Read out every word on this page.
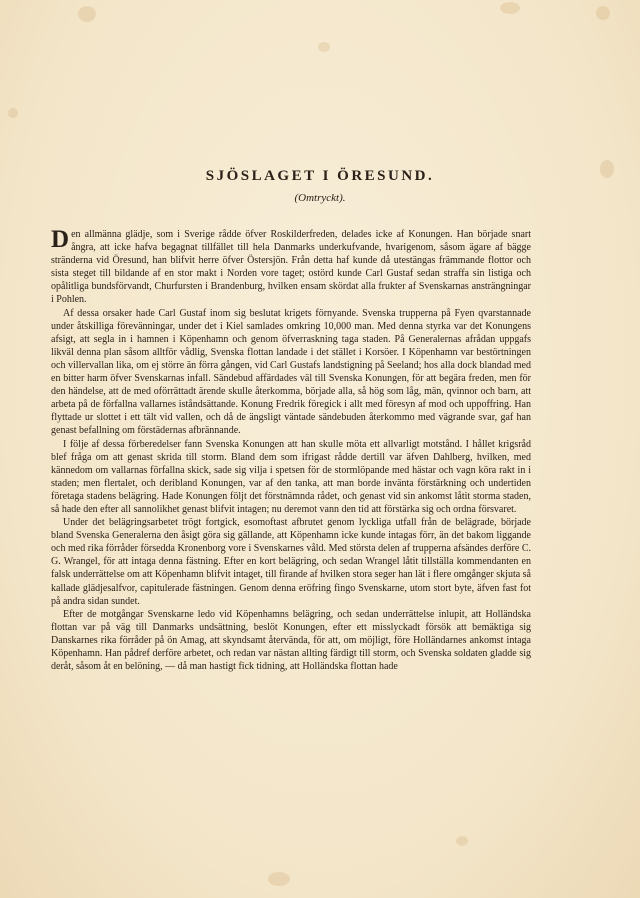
SJÖSLAGET I ÖRESUND.
(Omtryckt).

Den allmänna glädje, som i Sverige rådde öfver Roskilderfreden, delades icke af Konungen. Han började snart ångra, att icke hafva begagnat tillfället till hela Danmarks underkufvande, hvarigenom, såsom ägare af bägge stränderna vid Öresund, han blifvit herre öfver Östersjön. Från detta haf kunde då utestängas främmande flottor och sista steget till bildande af en stor makt i Norden vore taget; ostörd kunde Carl Gustaf sedan straffa sin listiga och opålitliga bundsförvandt, Churfursten i Brandenburg, hvilken ensam skördat alla frukter af Svenskarnas ansträngningar i Pohlen.

Af dessa orsaker hade Carl Gustaf inom sig beslutat krigets förnyande. Svenska trupperna på Fyen qvarstannade under åtskilliga förevänningar, under det i Kiel samlades omkring 10,000 man. Med denna styrka var det Konungens afsigt, att segla in i hamnen i Köpenhamn och genom öfverraskning taga staden. På Generalernas afrådan uppgafs likväl denna plan såsom alltför vådlig, Svenska flottan landade i det stället i Korsöer. I Köpenhamn var bestörtningen och villervallan lika, om ej större än förra gången, vid Carl Gustafs landstigning på Seeland; hos alla dock blandad med en bitter harm öfver Svenskarnas infall. Sändebud affärdades väl till Svenska Konungen, för att begära freden, men för den händelse, att de med oförrättadt ärende skulle återkomma, började alla, så hög som låg, män, qvinnor och barn, att arbeta på de förfallna vallarnes iståndsättande. Konung Fredrik föregick i allt med föresyn af mod och uppoffring. Han flyttade ur slottet i ett tält vid vallen, och då de ängsligt väntade sändebuden återkommo med vägrande svar, gaf han genast befallning om förstädernas afbrännande.

I följe af dessa förberedelser fann Svenska Konungen att han skulle möta ett allvarligt motstånd. I hållet krigsråd blef fråga om att genast skrida till storm. Bland dem som ifrigast rådde dertill var äfven Dahlberg, hvilken, med kännedom om vallarnas förfallna skick, sade sig vilja i spetsen för de stormlöpande med hästar och vagn köra rakt in i staden; men flertalet, och deribland Konungen, var af den tanka, att man borde invänta förstärkning och undertiden företaga stadens belägring. Hade Konungen följt det förstnämnda rådet, och genast vid sin ankomst låtit storma staden, så hade den efter all sannolikhet genast blifvit intagen; nu deremot vann den tid att förstärka sig och ordna försvaret.

Under det belägringsarbetet trögt fortgick, esomoftast afbrutet genom lyckliga utfall från de belägrade, började bland Svenska Generalerna den åsigt göra sig gällande, att Köpenhamn icke kunde intagas förr, än det bakom liggande och med rika förråder försedda Kronenborg vore i Svenskarnes våld. Med största delen af trupperna afsändes derföre C. G. Wrangel, för att intaga denna fästning. Efter en kort belägring, och sedan Wrangel låtit tillställa kommendanten en falsk underrättelse om att Köpenhamn blifvit intaget, till firande af hvilken stora seger han lät i flere omgånger skjuta så kallade glädjesalfvor, capitulerade fästningen. Genom denna eröfring fingo Svenskarne, utom stort byte, äfven fast fot på andra sidan sundet.

Efter de motgångar Svenskarne ledo vid Köpenhamns belägring, och sedan underrättelse inlupit, att Holländska flottan var på väg till Danmarks undsättning, beslöt Konungen, efter ett misslyckadt försök att bemäktiga sig Danskarnes rika förråder på ön Amag, att skyndsamt återvända, för att, om möjligt, före Holländarnes ankomst intaga Köpenhamn. Han pådref derföre arbetet, och redan var nästan allting färdigt till storm, och Svenska soldaten gladde sig deråt, såsom åt en belöning, — då man hastigt fick tidning, att Holländska flottan hade
